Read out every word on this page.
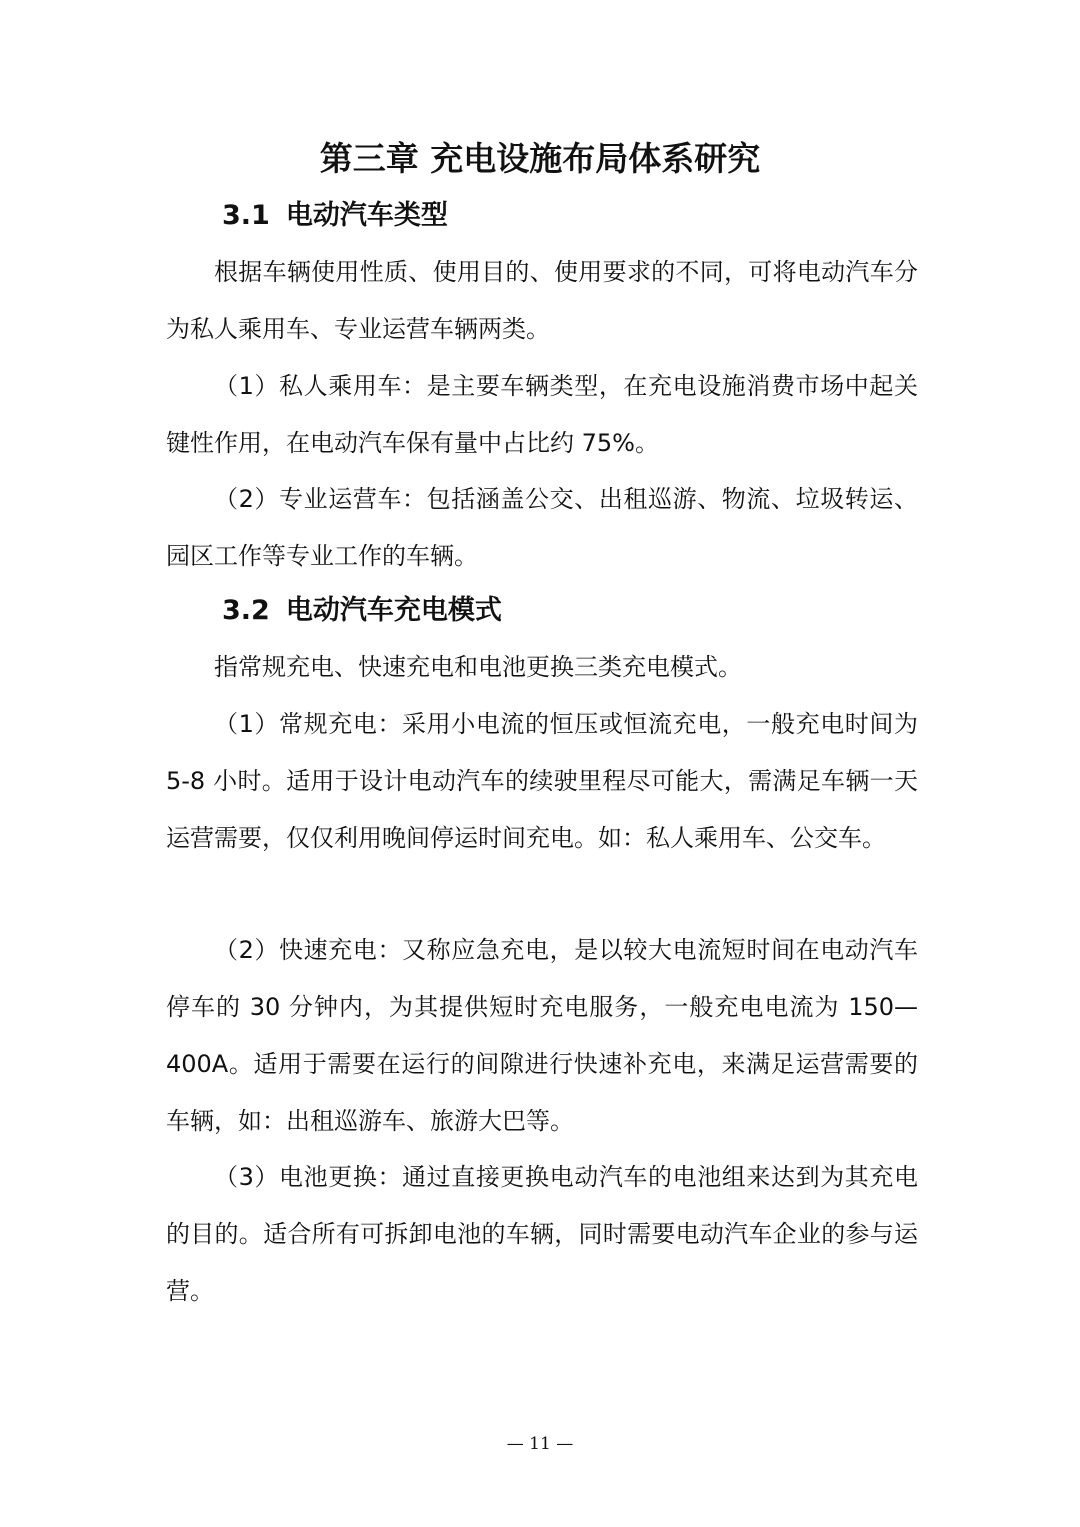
第三章 充电设施布局体系研究
3.1 电动汽车类型

根据车辆使用性质、使用目的、使用要求的不同，可将电动汽车分为私人乘用车、专业运营车辆两类。

（1）私人乘用车：是主要车辆类型，在充电设施消费市场中起关键性作用，在电动汽车保有量中占比约 75%。

（2）专业运营车：包括涵盖公交、出租巡游、物流、垃圾转运、园区工作等专业工作的车辆。

3.2 电动汽车充电模式

指常规充电、快速充电和电池更换三类充电模式。

（1）常规充电：采用小电流的恒压或恒流充电，一般充电时间为 5-8 小时。适用于设计电动汽车的续驶里程尽可能大，需满足车辆一天运营需要，仅仅利用晚间停运时间充电。如：私人乘用车、公交车。

（2）快速充电：又称应急充电，是以较大电流短时间在电动汽车停车的 30 分钟内，为其提供短时充电服务，一般充电电流为 150—400A。适用于需要在运行的间隙进行快速补充电，来满足运营需要的车辆，如：出租巡游车、旅游大巴等。

（3）电池更换：通过直接更换电动汽车的电池组来达到为其充电的目的。适合所有可拆卸电池的车辆，同时需要电动汽车企业的参与运营。

— 11 —
